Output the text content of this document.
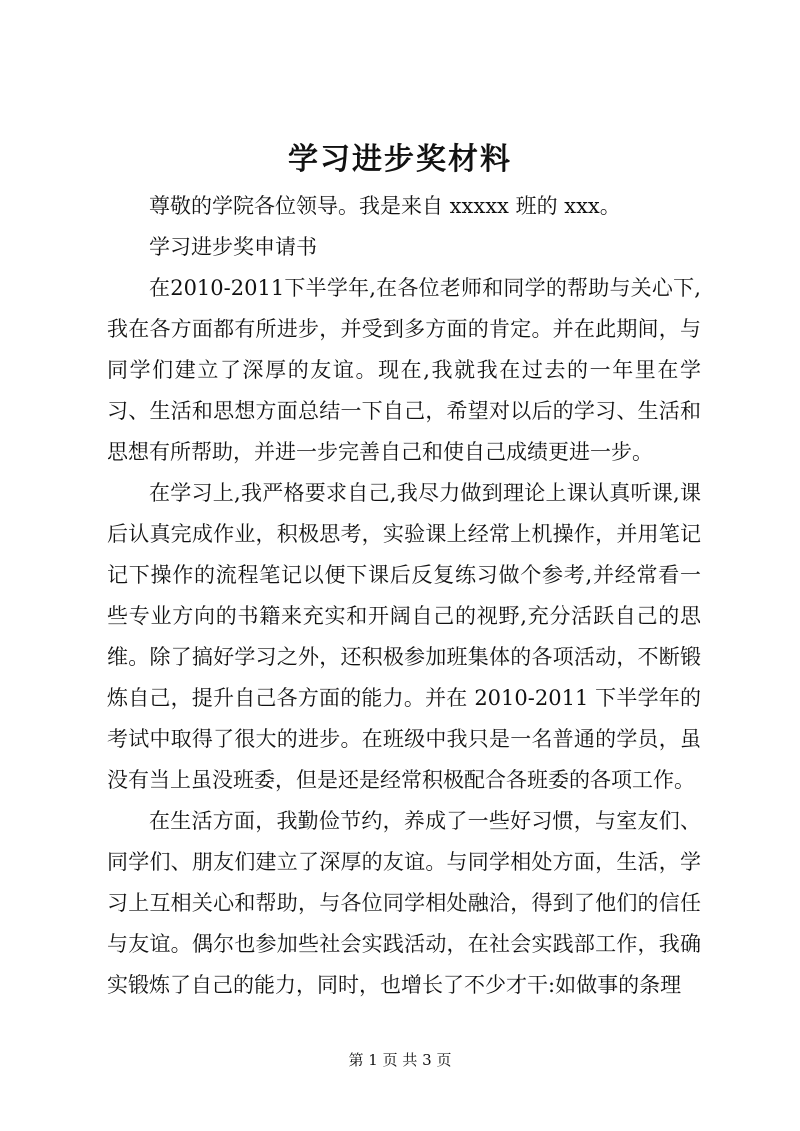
学习进步奖材料

尊敬的学院各位领导。我是来自 xxxxx 班的 xxx。

学习进步奖申请书

在2010-2011下半学年,在各位老师和同学的帮助与关心下,我在各方面都有所进步，并受到多方面的肯定。并在此期间，与同学们建立了深厚的友谊。现在,我就我在过去的一年里在学习、生活和思想方面总结一下自己，希望对以后的学习、生活和思想有所帮助，并进一步完善自己和使自己成绩更进一步。

在学习上,我严格要求自己,我尽力做到理论上课认真听课,课后认真完成作业，积极思考，实验课上经常上机操作，并用笔记记下操作的流程笔记以便下课后反复练习做个参考,并经常看一些专业方向的书籍来充实和开阔自己的视野,充分活跃自己的思维。除了搞好学习之外，还积极参加班集体的各项活动，不断锻炼自己，提升自己各方面的能力。并在 2010-2011 下半学年的考试中取得了很大的进步。在班级中我只是一名普通的学员，虽没有当上虽没班委，但是还是经常积极配合各班委的各项工作。

在生活方面，我勤俭节约，养成了一些好习惯，与室友们、同学们、朋友们建立了深厚的友谊。与同学相处方面，生活，学习上互相关心和帮助，与各位同学相处融洽，得到了他们的信任与友谊。偶尔也参加些社会实践活动，在社会实践部工作，我确实锻炼了自己的能力，同时，也增长了不少才干:如做事的条理

第 1 页 共 3 页
